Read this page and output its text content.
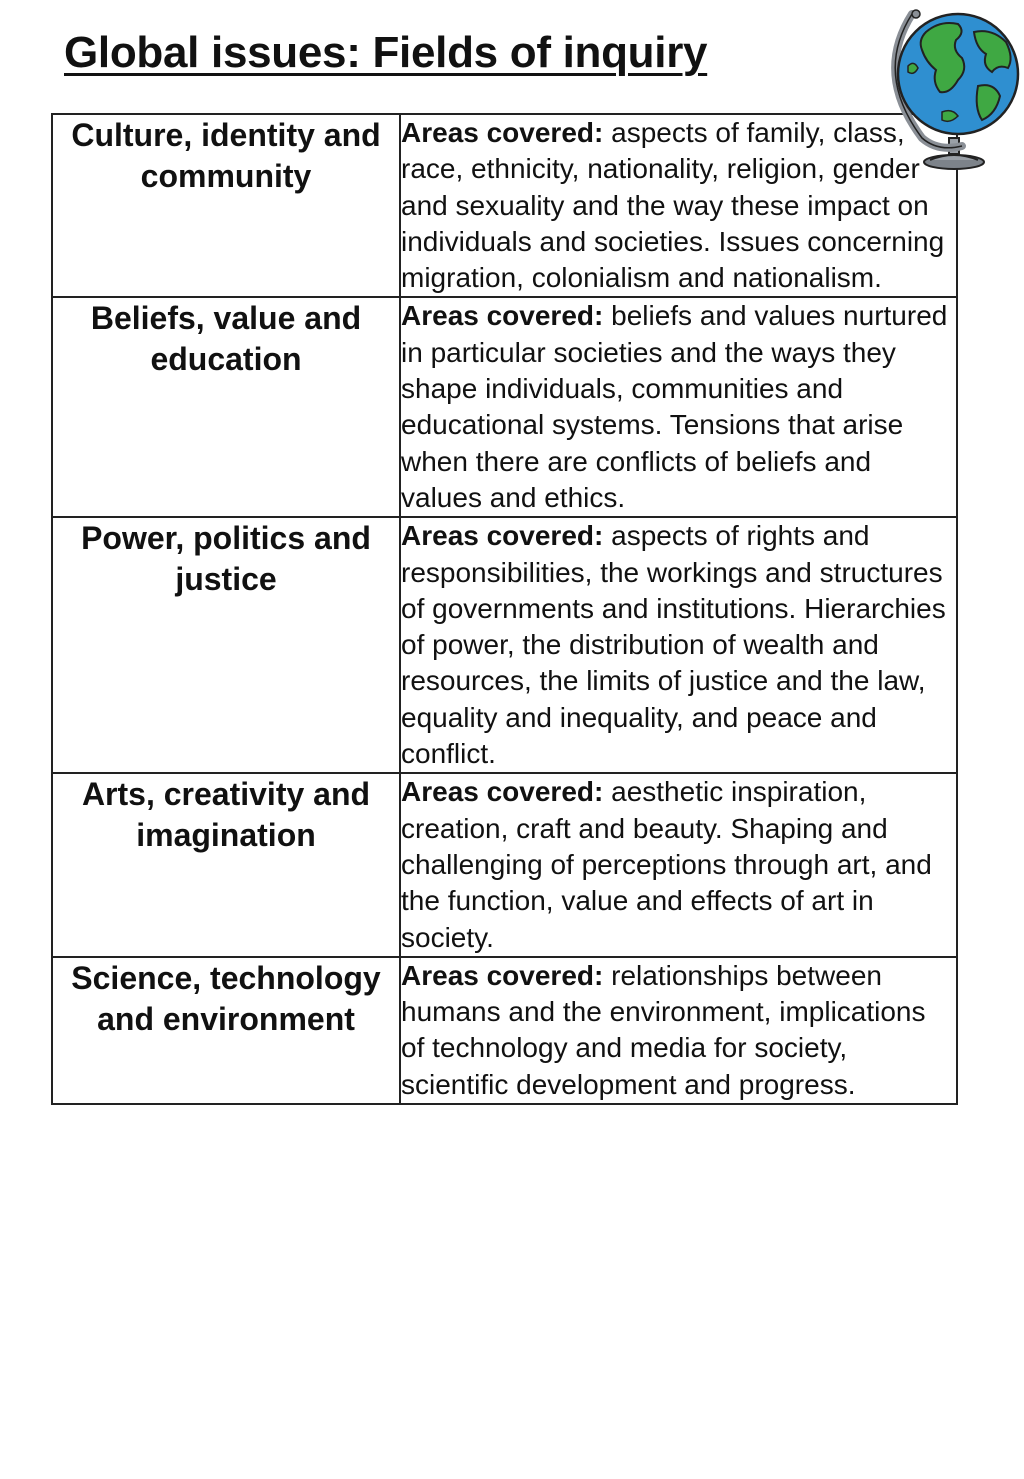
Global issues: Fields of inquiry
Culture, identity and community	Areas covered: aspects of family, class, race, ethnicity, nationality, religion, gender and sexuality and the way these impact on individuals and societies. Issues concerning migration, colonialism and nationalism.
Beliefs, value and education	Areas covered: beliefs and values nurtured in particular societies and the ways they shape individuals, communities and educational systems. Tensions that arise when there are conflicts of beliefs and values and ethics.
Power, politics and justice	Areas covered: aspects of rights and responsibilities, the workings and structures of governments and institutions. Hierarchies of power, the distribution of wealth and resources, the limits of justice and the law, equality and inequality, and peace and conflict.
Arts, creativity and imagination	Areas covered: aesthetic inspiration, creation, craft and beauty. Shaping and challenging of perceptions through art, and the function, value and effects of art in society.
Science, technology and environment	Areas covered: relationships between humans and the environment, implications of technology and media for society, scientific development and progress.
